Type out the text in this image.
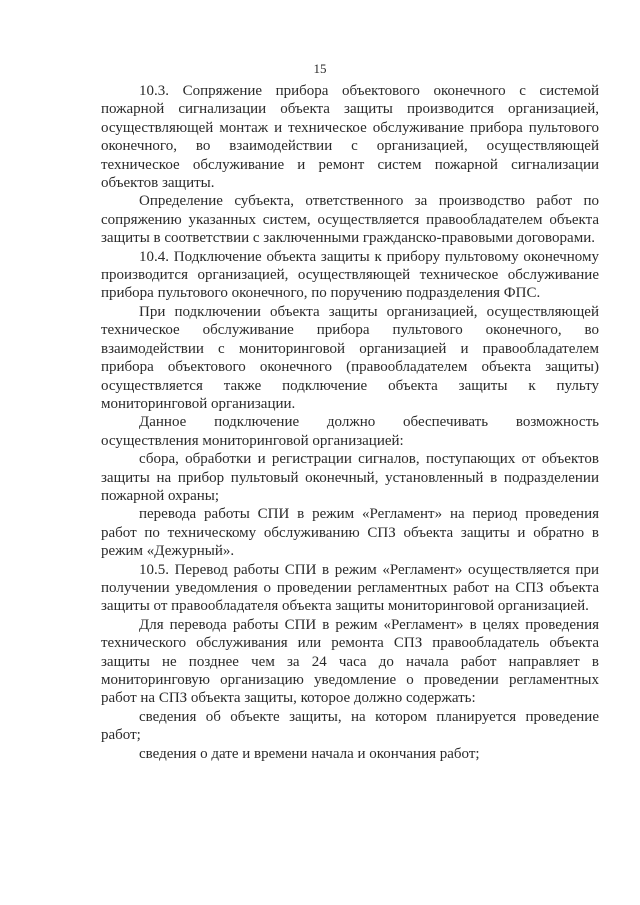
15

10.3. Сопряжение прибора объектового оконечного с системой пожарной сигнализации объекта защиты производится организацией, осуществляющей монтаж и техническое обслуживание прибора пультового оконечного, во взаимодействии с организацией, осуществляющей техническое обслуживание и ремонт систем пожарной сигнализации объектов защиты.

Определение субъекта, ответственного за производство работ по сопряжению указанных систем, осуществляется правообладателем объекта защиты в соответствии с заключенными гражданско-правовыми договорами.

10.4. Подключение объекта защиты к прибору пультовому оконечному производится организацией, осуществляющей техническое обслуживание прибора пультового оконечного, по поручению подразделения ФПС.

При подключении объекта защиты организацией, осуществляющей техническое обслуживание прибора пультового оконечного, во взаимодействии с мониторинговой организацией и правообладателем прибора объектового оконечного (правообладателем объекта защиты) осуществляется также подключение объекта защиты к пульту мониторинговой организации.

Данное подключение должно обеспечивать возможность осуществления мониторинговой организацией:

сбора, обработки и регистрации сигналов, поступающих от объектов защиты на прибор пультовый оконечный, установленный в подразделении пожарной охраны;

перевода работы СПИ в режим «Регламент» на период проведения работ по техническому обслуживанию СПЗ объекта защиты и обратно в режим «Дежурный».

10.5. Перевод работы СПИ в режим «Регламент» осуществляется при получении уведомления о проведении регламентных работ на СПЗ объекта защиты от правообладателя объекта защиты мониторинговой организацией.

Для перевода работы СПИ в режим «Регламент» в целях проведения технического обслуживания или ремонта СПЗ правообладатель объекта защиты не позднее чем за 24 часа до начала работ направляет в мониторинговую организацию уведомление о проведении регламентных работ на СПЗ объекта защиты, которое должно содержать:

сведения об объекте защиты, на котором планируется проведение работ;

сведения о дате и времени начала и окончания работ;
